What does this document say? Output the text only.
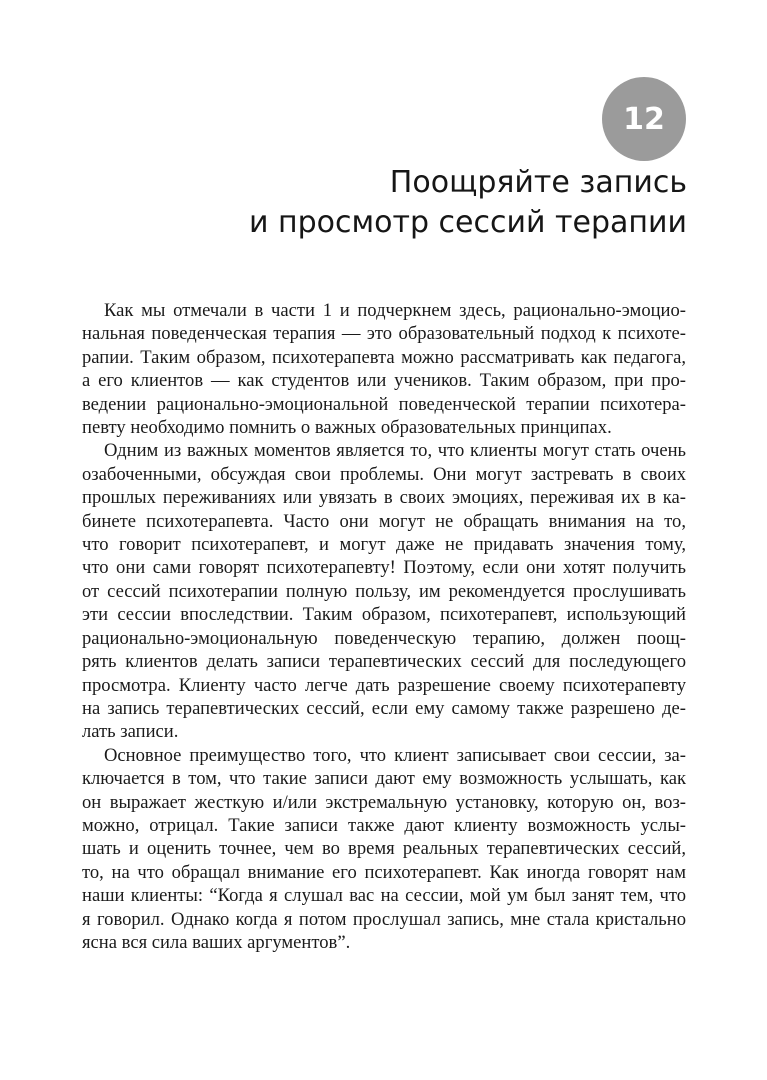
12
Поощряйте запись
и просмотр сессий терапии

Как мы отмечали в части 1 и подчеркнем здесь, рационально-эмоцио-
нальная поведенческая терапия — это образовательный подход к психоте-
рапии. Таким образом, психотерапевта можно рассматривать как педагога,
а его клиентов — как студентов или учеников. Таким образом, при про-
ведении рационально-эмоциональной поведенческой терапии психотера-
певту необходимо помнить о важных образовательных принципах.

Одним из важных моментов является то, что клиенты могут стать очень
озабоченными, обсуждая свои проблемы. Они могут застревать в своих
прошлых переживаниях или увязать в своих эмоциях, переживая их в ка-
бинете психотерапевта. Часто они могут не обращать внимания на то,
что говорит психотерапевт, и могут даже не придавать значения тому,
что они сами говорят психотерапевту! Поэтому, если они хотят получить
от сессий психотерапии полную пользу, им рекомендуется прослушивать
эти сессии впоследствии. Таким образом, психотерапевт, использующий
рационально-эмоциональную поведенческую терапию, должен поощ-
рять клиентов делать записи терапевтических сессий для последующего
просмотра. Клиенту часто легче дать разрешение своему психотерапевту
на запись терапевтических сессий, если ему самому также разрешено де-
лать записи.

Основное преимущество того, что клиент записывает свои сессии, за-
ключается в том, что такие записи дают ему возможность услышать, как
он выражает жесткую и/или экстремальную установку, которую он, воз-
можно, отрицал. Такие записи также дают клиенту возможность услы-
шать и оценить точнее, чем во время реальных терапевтических сессий,
то, на что обращал внимание его психотерапевт. Как иногда говорят нам
наши клиенты: “Когда я слушал вас на сессии, мой ум был занят тем, что
я говорил. Однако когда я потом прослушал запись, мне стала кристально
ясна вся сила ваших аргументов”.
